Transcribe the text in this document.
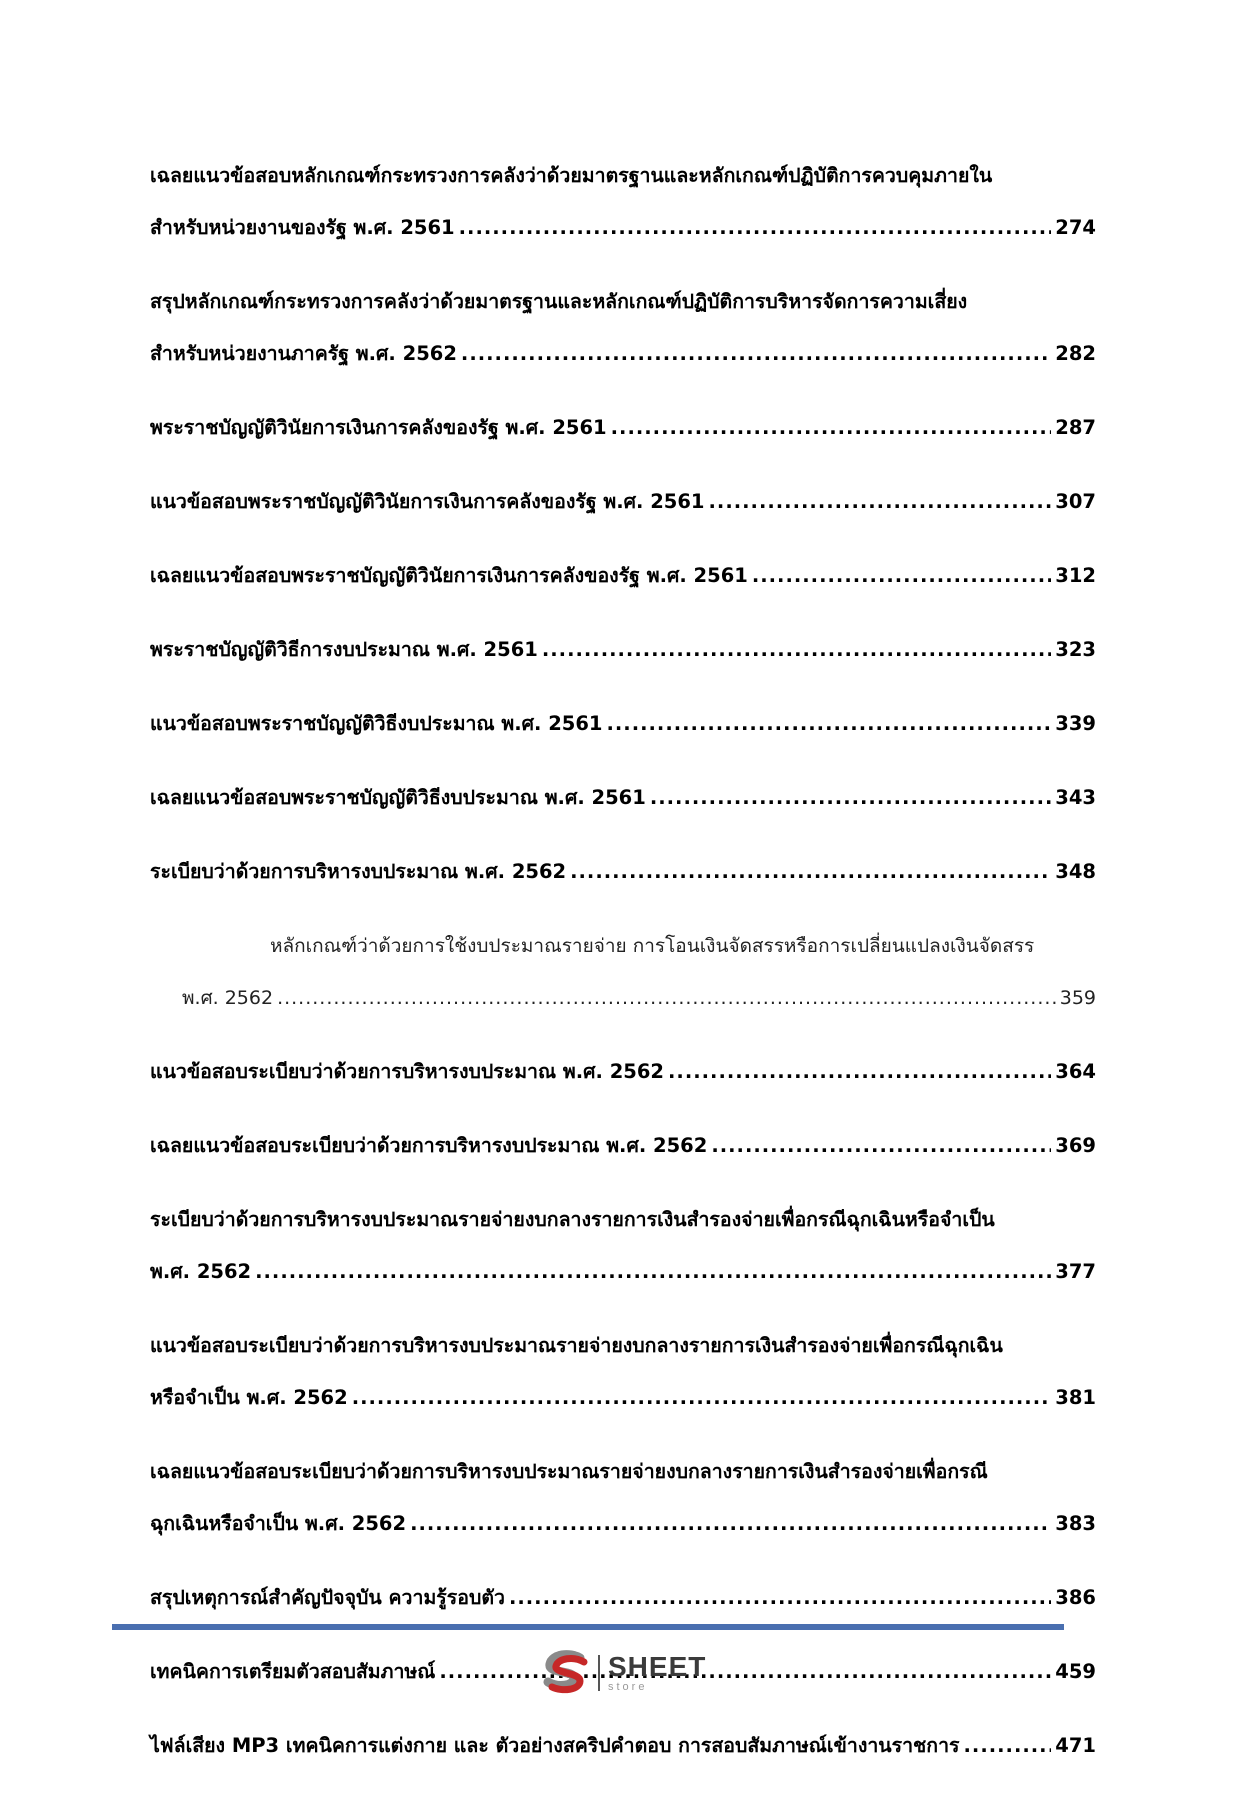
เฉลยแนวข้อสอบหลักเกณฑ์กระทรวงการคลังว่าด้วยมาตรฐานและหลักเกณฑ์ปฏิบัติการควบคุมภายใน
สำหรับหน่วยงานของรัฐ พ.ศ. 2561 .....	274
สรุปหลักเกณฑ์กระทรวงการคลังว่าด้วยมาตรฐานและหลักเกณฑ์ปฏิบัติการบริหารจัดการความเสี่ยง
สำหรับหน่วยงานภาครัฐ พ.ศ. 2562 .....	282
พระราชบัญญัติวินัยการเงินการคลังของรัฐ พ.ศ. 2561 .....	287
แนวข้อสอบพระราชบัญญัติวินัยการเงินการคลังของรัฐ พ.ศ. 2561 .....	307
เฉลยแนวข้อสอบพระราชบัญญัติวินัยการเงินการคลังของรัฐ พ.ศ. 2561 .....	312
พระราชบัญญัติวิธีการงบประมาณ พ.ศ. 2561 .....	323
แนวข้อสอบพระราชบัญญัติวิธีงบประมาณ พ.ศ. 2561 .....	339
เฉลยแนวข้อสอบพระราชบัญญัติวิธีงบประมาณ พ.ศ. 2561 .....	343
ระเบียบว่าด้วยการบริหารงบประมาณ พ.ศ. 2562 .....	348
หลักเกณฑ์ว่าด้วยการใช้งบประมาณรายจ่าย การโอนเงินจัดสรรหรือการเปลี่ยนแปลงเงินจัดสรร
พ.ศ. 2562 .....	359
แนวข้อสอบระเบียบว่าด้วยการบริหารงบประมาณ พ.ศ. 2562 .....	364
เฉลยแนวข้อสอบระเบียบว่าด้วยการบริหารงบประมาณ พ.ศ. 2562 .....	369
ระเบียบว่าด้วยการบริหารงบประมาณรายจ่ายงบกลางรายการเงินสำรองจ่ายเพื่อกรณีฉุกเฉินหรือจำเป็น
พ.ศ. 2562 .....	377
แนวข้อสอบระเบียบว่าด้วยการบริหารงบประมาณรายจ่ายงบกลางรายการเงินสำรองจ่ายเพื่อกรณีฉุกเฉิน
หรือจำเป็น พ.ศ. 2562 .....	381
เฉลยแนวข้อสอบระเบียบว่าด้วยการบริหารงบประมาณรายจ่ายงบกลางรายการเงินสำรองจ่ายเพื่อกรณี
ฉุกเฉินหรือจำเป็น พ.ศ. 2562 .....	383
สรุปเหตุการณ์สำคัญปัจจุบัน ความรู้รอบตัว .....	386
เทคนิคการเตรียมตัวสอบสัมภาษณ์ .....	459
ไฟล์เสียง MP3 เทคนิคการแต่งกาย และ ตัวอย่างสคริปคำตอบ การสอบสัมภาษณ์เข้างานราชการ .....	471
SHEET
store
